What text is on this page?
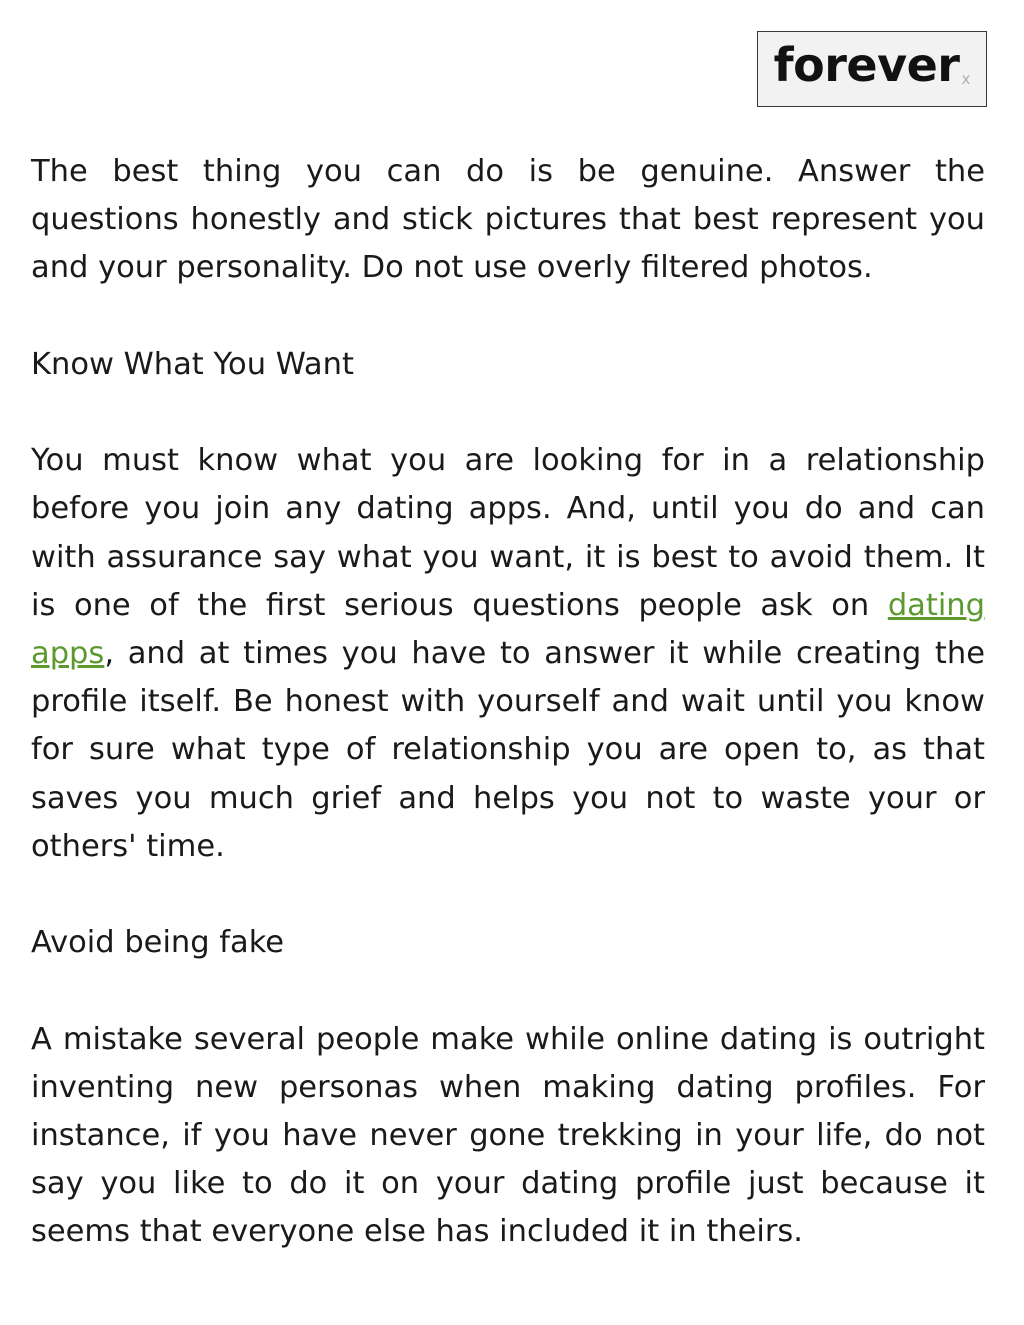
forever x

The best thing you can do is be genuine. Answer the questions honestly and stick pictures that best represent you and your personality. Do not use overly filtered photos.

Know What You Want

You must know what you are looking for in a relationship before you join any dating apps. And, until you do and can with assurance say what you want, it is best to avoid them. It is one of the first serious questions people ask on dating apps, and at times you have to answer it while creating the profile itself. Be honest with yourself and wait until you know for sure what type of relationship you are open to, as that saves you much grief and helps you not to waste your or others' time.

Avoid being fake

A mistake several people make while online dating is outright inventing new personas when making dating profiles. For instance, if you have never gone trekking in your life, do not say you like to do it on your dating profile just because it seems that everyone else has included it in theirs.
